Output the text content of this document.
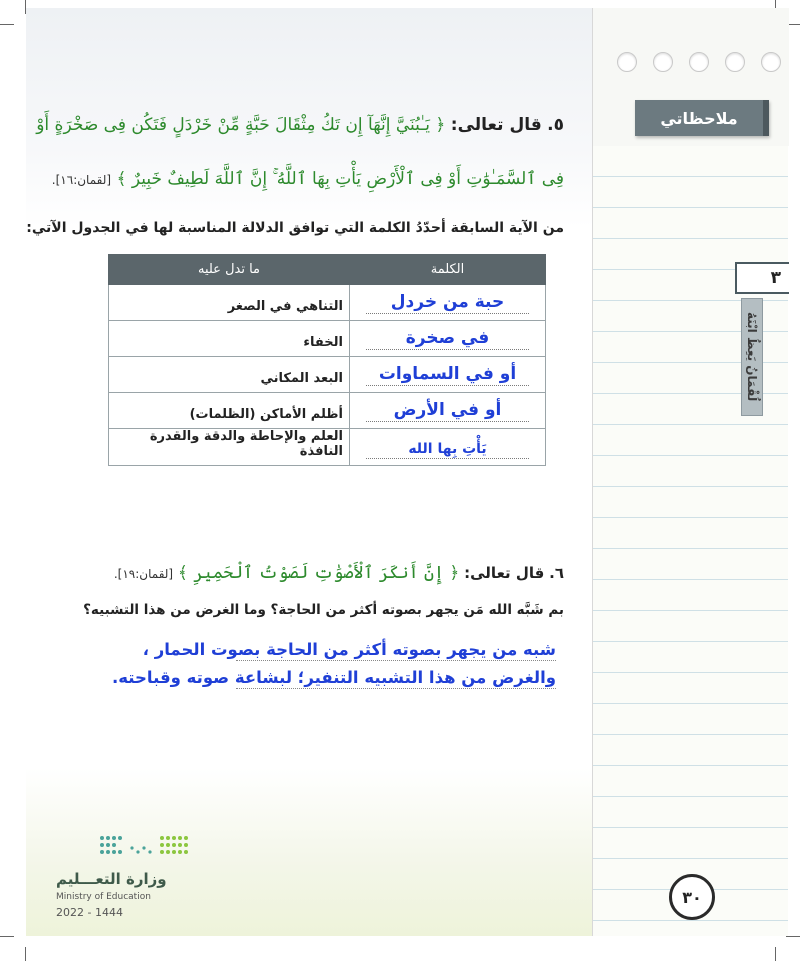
ملاحظاتي
٣
لُقْمَانُ يَعِظُ ابْنَهُ
٣٠
٥. قال تعالى: ﴿ يَـٰبُنَيَّ إِنَّهَآ إِن تَكُ مِثْقَالَ حَبَّةٍ مِّنْ خَرْدَلٍ فَتَكُن فِى صَخْرَةٍ أَوْ
فِى ٱلسَّمَـٰوَٰتِ أَوْ فِى ٱلْأَرْضِ يَأْتِ بِهَا ٱللَّهُ ۚ إِنَّ ٱللَّهَ لَطِيفٌ خَبِيرٌ ﴾ [لقمان:١٦].
من الآية السابقة أحدّدُ الكلمة التي توافق الدلالة المناسبة لها في الجدول الآتي:
الكلمة	ما تدل عليه

حبة من خردل	التناهي في الصغر

في صخرة	الخفاء

أو في السماوات	البعد المكاني

أو في الأرض	أظلم الأماكن (الظلمات)

يَأْتِ بِها الله	العلم والإحاطة والدقة والقدرة النافذة
٦. قال تعالى: ﴿ إِنَّ أَنكَرَ ٱلْأَصْوَٰتِ لَصَوْتُ ٱلْحَمِيرِ ﴾ [لقمان:١٩].
بم شَبَّه الله مَن يجهر بصوته أكثر من الحاجة؟ وما الغرض من هذا التشبيه؟
شبه من يجهر بصوته أكثر من الحاجة بصوت الحمار ،
والغرض من هذا التشبيه التنفير؛ لبشاعة صوته وقباحته.
وزارة التعـــليم
Ministry of Education
2022 - 1444
